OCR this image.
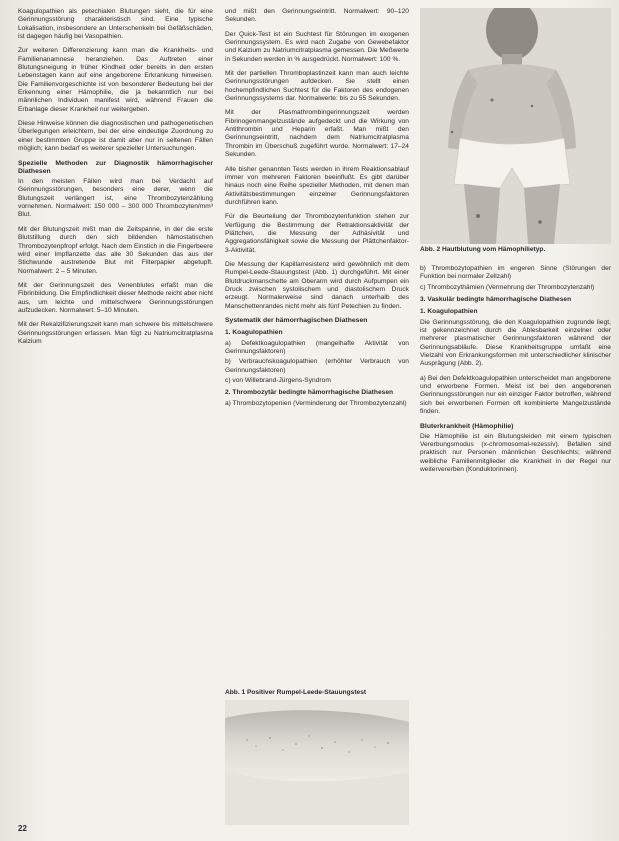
Koagulopathien als petechialen Blutungen sieht, die für eine Gerinnungsstörung charakteristisch sind. Eine typische Lokalisation, insbesondere an Unterschenkeln bei Gefäßschäden, ist dagegen häufig bei Vasopathien.

Zur weiteren Differenzierung kann man die Krankheits- und Familienanamnese heranziehen. Das Auftreten einer Blutungsneigung in früher Kindheit oder bereits in den ersten Lebenstagen kann auf eine angeborene Erkrankung hinweisen. Die Familienvorgeschichte ist von besonderer Bedeutung bei der Erkennung einer Hämophilie, die ja bekanntlich nur bei männlichen Individuen manifest wird, während Frauen die Erbanlage dieser Krankheit nur weitergeben.

Diese Hinweise können die diagnostischen und pathogenetischen Überlegungen erleichtern, bei der eine eindeutige Zuordnung zu einer bestimmten Gruppe ist damit aber nur in seltenen Fällen möglich; kann bedarf es weiterer spezieller Untersuchungen.

Spezielle Methoden zur Diagnostik hämorrhagischer Diathesen

In den meisten Fällen wird man bei Verdacht auf Gerinnungsstörungen, besonders eine derer, wenn die Blutungszeit verlängert ist, eine Thrombozytenzählung vornehmen. Normalwert: 150 000 – 300 000 Thrombozyten/mm³ Blut.

Mit der Blutungszeit mißt man die Zeitspanne, in der die erste Blutstillung durch den sich bildenden hämostatischen Thrombozytenpfropf erfolgt. Nach dem Einstich in die Fingerbeere wird einer Impflanzette das alle 30 Sekunden das aus der Stichwunde austretende Blut mit Filterpapier abgetupft. Normalwert: 2 – 5 Minuten.

Mit der Gerinnungszeit des Venenblutes erfaßt man die Fibrinbildung. Die Empfindlichkeit dieser Methode reicht aber nicht aus, um leichte und mittelschwere Gerinnungsstörungen aufzudecken. Normalwert: 5–10 Minuten.

Mit der Rekalzifizierungszeit kann man schwere bis mittelschwere Gerinnungsstörungen erfassen. Man fügt zu Natriumcitratplasma Kalzium

und mißt den Gerinnungseintritt. Normalwert: 90–120 Sekunden.

Der Quick-Test ist ein Suchtest für Störungen im exogenen Gerinnungssystem. Es wird nach Zugabe von Gewebefaktor und Kalzium zu Natriumcitratplasma gemessen. Die Meßwerte in Sekunden werden in % ausgedrückt. Normalwert: 100 %.

Mit der partiellen Thromboplastinzeit kann man auch leichte Gerinnungsstörungen aufdecken. Sie stellt einen hochempfindlichen Suchtest für die Faktoren des endogenen Gerinnungssystems dar. Normalwerte: bis zu 55 Sekunden.

Mit der Plasmathrombingerinnungszeit werden Fibrinogenmangelzustände aufgedeckt und die Wirkung von Antithrombin und Heparin erfaßt. Man mißt den Gerinnungseintritt, nachdem dem Natriumcitratplasma Thrombin im Überschuß zugeführt wurde. Normalwert: 17–24 Sekunden.

Alle bisher genannten Tests werden in ihrem Reaktionsablauf immer von mehreren Faktoren beeinflußt. Es gibt darüber hinaus noch eine Reihe spezieller Methoden, mit denen man Aktivitätsbestimmungen einzelner Gerinnungsfaktoren durchführen kann.

Für die Beurteilung der Thrombozytenfunktion stehen zur Verfügung die Bestimmung der Retraktionsaktivität der Plättchen, die Messung der Adhäsivität und Aggregationsfähigkeit sowie die Messung der Plättchenfaktor-3-Aktivität.

Die Messung der Kapillarresistenz wird gewöhnlich mit dem Rumpel-Leede-Stauungstest (Abb. 1) durchgeführt. Mit einer Blutdruckmanschette am Oberarm wird durch Aufpumpen ein Druck zwischen systolischem und diastolischem Druck erzeugt. Normalerweise sind danach unterhalb des Manschettenrandes nicht mehr als fünf Petechien zu finden.

Systematik der hämorrhagischen Diathesen
1. Koagulopathien
a) Defektkoagulopathien (mangelhafte Aktivität von Gerinnungsfaktoren)
b) Verbrauchskoagulopathien (erhöhter Verbrauch von Gerinnungsfaktoren)
c) von Willebrand-Jürgens-Syndrom
2. Thrombozytär bedingte hämorrhagische Diathesen
a) Thrombozytopenien (Verminderung der Thrombozytenzahl)
Abb. 1 Positiver Rumpel-Leede-Stauungstest
Abb. 2 Hautblutung vom Hämophilietyp.
b) Thrombozytopathien im engeren Sinne (Störungen der Funktion bei normaler Zellzahl)
c) Thrombozythämien (Vermehrung der Thrombozytenzahl)
3. Vaskulär bedingte hämorrhagische Diathesen
1. Koagulopathien

Die Gerinnungsstörung, die den Koagulopathien zugrunde liegt, ist gekennzeichnet durch die Ablesbarkeit einzelner oder mehrerer plasmatischer Gerinnungsfaktoren während der Gerinnungsabläufe. Diese Krankheitsgruppe umfaßt eine Vielzahl von Erkrankungsformen mit unterschiedlicher klinischer Ausprägung (Abb. 2).

a) Bei den Defektkoagulopathien unterscheidet man angeborene und erworbene Formen. Meist ist bei den angeborenen Gerinnungsstörungen nur ein einziger Faktor betroffen, während sich bei erworbenen Formen oft kombinierte Mangelzustände finden.

Bluterkrankheit (Hämophilie)

Die Hämophilie ist ein Blutungsleiden mit einem typischen Vererbungsmodus (x-chromosomal-rezessiv). Befallen sind praktisch nur Personen männlichen Geschlechts; während weibliche Familienmitglieder die Krankheit in der Regel nur weitervererben (Konduktorinnen).

22
